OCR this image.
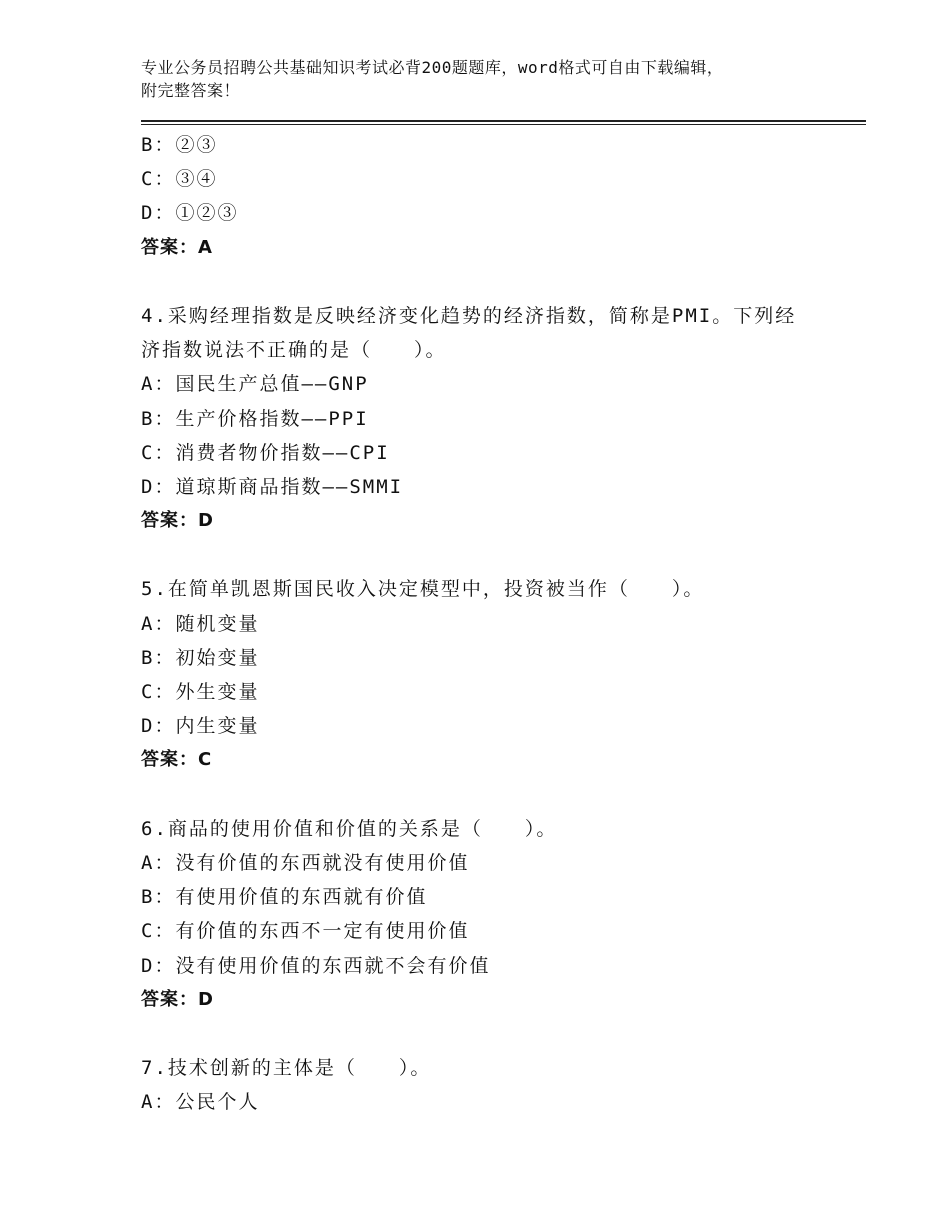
专业公务员招聘公共基础知识考试必背200题题库，word格式可自由下载编辑，
附完整答案！
B：②③
C：③④
D：①②③
答案：A
4.采购经理指数是反映经济变化趋势的经济指数，简称是PMI。下列经
济指数说法不正确的是（　　）。
A：国民生产总值——GNP
B：生产价格指数——PPI
C：消费者物价指数——CPI
D：道琼斯商品指数——SMMI
答案：D
5.在简单凯恩斯国民收入决定模型中，投资被当作（　　）。
A：随机变量
B：初始变量
C：外生变量
D：内生变量
答案：C
6.商品的使用价值和价值的关系是（　　）。
A：没有价值的东西就没有使用价值
B：有使用价值的东西就有价值
C：有价值的东西不一定有使用价值
D：没有使用价值的东西就不会有价值
答案：D
7.技术创新的主体是（　　）。
A：公民个人
